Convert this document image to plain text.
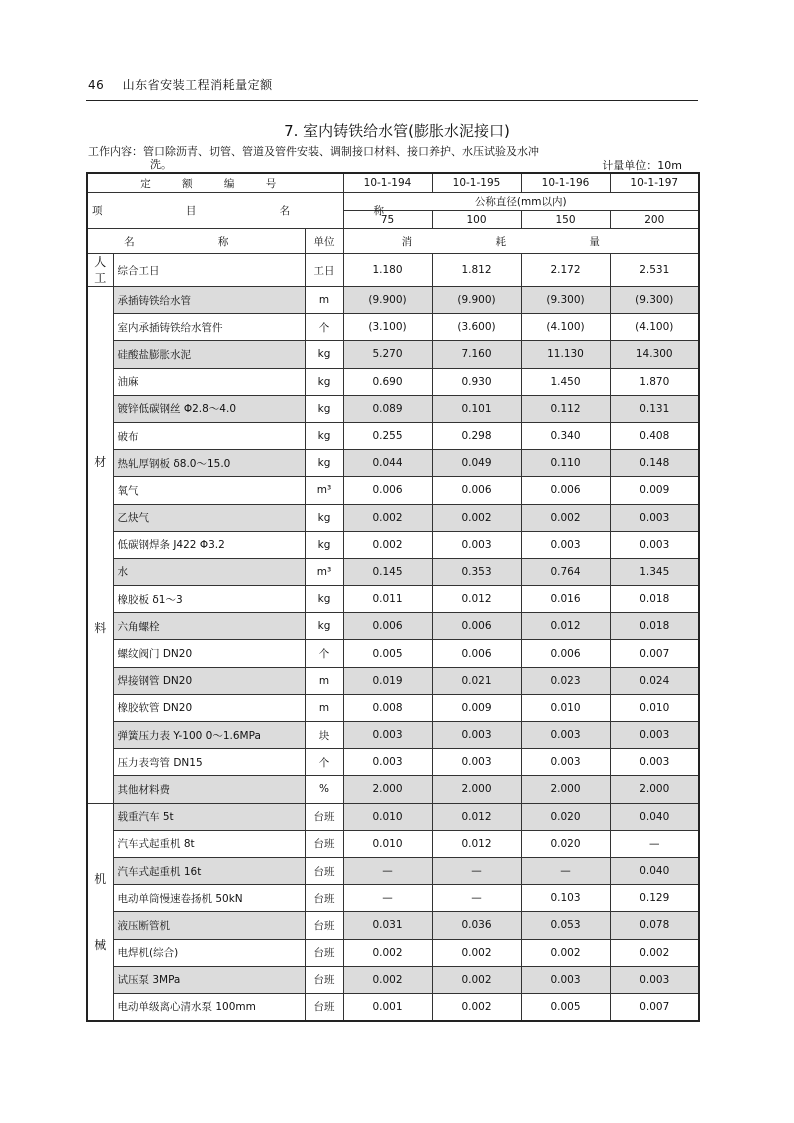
46 山东省安装工程消耗量定额
7. 室内铸铁给水管(膨胀水泥接口)
工作内容：管口除沥青、切管、管道及管件安装、调制接口材料、接口养护、水压试验及水冲
洗。	计量单位：10m
定 额 编 号			10-1-194	10-1-195	10-1-196	10-1-197
项 目 名 称			公称直径(mm以内)			
			75	100	150	200
名 称		单位	消 耗 量			

人
工	综合工日	工日	1.180	1.812	2.172	2.531

材
料	承插铸铁给水管	m	(9.900)	(9.900)	(9.300)	(9.300)
	室内承插铸铁给水管件	个	(3.100)	(3.600)	(4.100)	(4.100)
	硅酸盐膨胀水泥	kg	5.270	7.160	11.130	14.300
	油麻	kg	0.690	0.930	1.450	1.870
	镀锌低碳钢丝 Φ2.8～4.0	kg	0.089	0.101	0.112	0.131
	破布	kg	0.255	0.298	0.340	0.408
	热轧厚钢板 δ8.0～15.0	kg	0.044	0.049	0.110	0.148
	氧气	m³	0.006	0.006	0.006	0.009
	乙炔气	kg	0.002	0.002	0.002	0.003
	低碳钢焊条 J422 Φ3.2	kg	0.002	0.003	0.003	0.003
	水	m³	0.145	0.353	0.764	1.345
	橡胶板 δ1～3	kg	0.011	0.012	0.016	0.018
	六角螺栓	kg	0.006	0.006	0.012	0.018
	螺纹阀门 DN20	个	0.005	0.006	0.006	0.007
	焊接钢管 DN20	m	0.019	0.021	0.023	0.024
	橡胶软管 DN20	m	0.008	0.009	0.010	0.010
	弹簧压力表 Y-100 0～1.6MPa	块	0.003	0.003	0.003	0.003
	压力表弯管 DN15	个	0.003	0.003	0.003	0.003
	其他材料费	%	2.000	2.000	2.000	2.000

机
械	载重汽车 5t	台班	0.010	0.012	0.020	0.040
	汽车式起重机 8t	台班	0.010	0.012	0.020	—
	汽车式起重机 16t	台班	—	—	—	0.040
	电动单筒慢速卷扬机 50kN	台班	—	—	0.103	0.129
	液压断管机	台班	0.031	0.036	0.053	0.078
	电焊机(综合)	台班	0.002	0.002	0.002	0.002
	试压泵 3MPa	台班	0.002	0.002	0.003	0.003
	电动单级离心清水泵 100mm	台班	0.001	0.002	0.005	0.007
